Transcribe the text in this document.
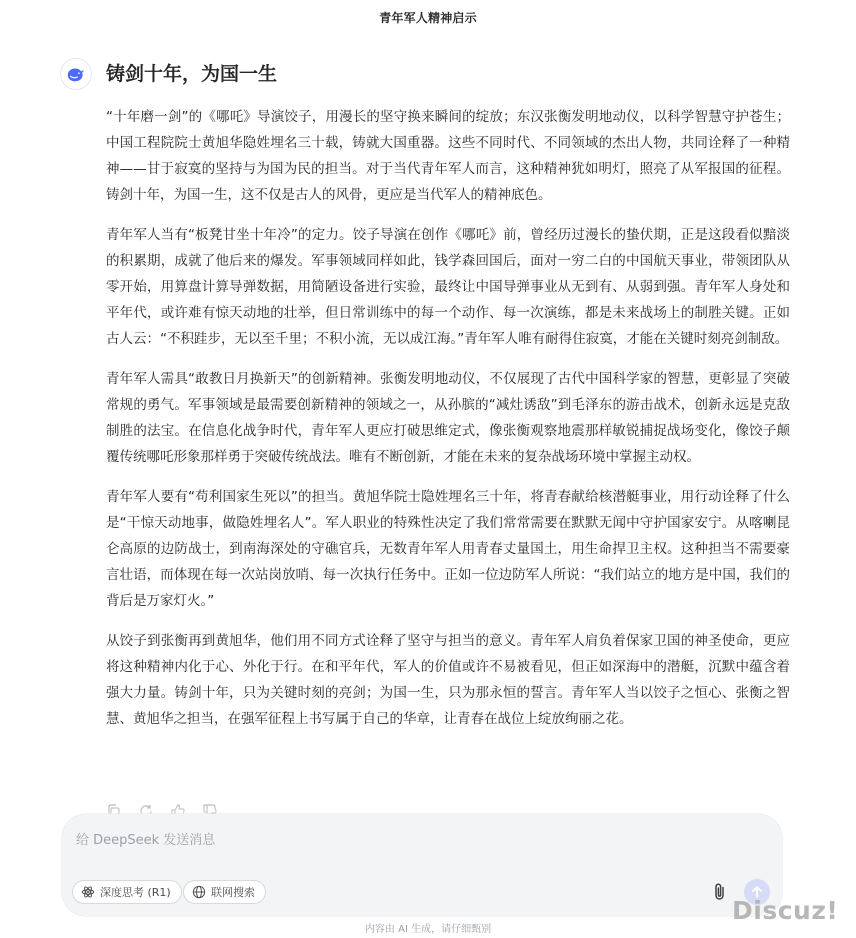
青年军人精神启示
铸剑十年，为国一生

“十年磨一剑”的《哪吒》导演饺子，用漫长的坚守换来瞬间的绽放；东汉张衡发明地动仪，以科学智慧守护苍生；中国工程院院士黄旭华隐姓埋名三十载，铸就大国重器。这些不同时代、不同领域的杰出人物，共同诠释了一种精神——甘于寂寞的坚持与为国为民的担当。对于当代青年军人而言，这种精神犹如明灯，照亮了从军报国的征程。铸剑十年，为国一生，这不仅是古人的风骨，更应是当代军人的精神底色。

青年军人当有“板凳甘坐十年冷”的定力。饺子导演在创作《哪吒》前，曾经历过漫长的蛰伏期，正是这段看似黯淡的积累期，成就了他后来的爆发。军事领域同样如此，钱学森回国后，面对一穷二白的中国航天事业，带领团队从零开始，用算盘计算导弹数据，用简陋设备进行实验，最终让中国导弹事业从无到有、从弱到强。青年军人身处和平年代，或许难有惊天动地的壮举，但日常训练中的每一个动作、每一次演练，都是未来战场上的制胜关键。正如古人云：“不积跬步，无以至千里；不积小流，无以成江海。”青年军人唯有耐得住寂寞，才能在关键时刻亮剑制敌。

青年军人需具“敢教日月换新天”的创新精神。张衡发明地动仪，不仅展现了古代中国科学家的智慧，更彰显了突破常规的勇气。军事领域是最需要创新精神的领域之一，从孙膑的“减灶诱敌”到毛泽东的游击战术，创新永远是克敌制胜的法宝。在信息化战争时代，青年军人更应打破思维定式，像张衡观察地震那样敏锐捕捉战场变化，像饺子颠覆传统哪吒形象那样勇于突破传统战法。唯有不断创新，才能在未来的复杂战场环境中掌握主动权。

青年军人要有“苟利国家生死以”的担当。黄旭华院士隐姓埋名三十年，将青春献给核潜艇事业，用行动诠释了什么是“干惊天动地事，做隐姓埋名人”。军人职业的特殊性决定了我们常常需要在默默无闻中守护国家安宁。从喀喇昆仑高原的边防战士，到南海深处的守礁官兵，无数青年军人用青春丈量国土，用生命捍卫主权。这种担当不需要豪言壮语，而体现在每一次站岗放哨、每一次执行任务中。正如一位边防军人所说：“我们站立的地方是中国，我们的背后是万家灯火。”

从饺子到张衡再到黄旭华，他们用不同方式诠释了坚守与担当的意义。青年军人肩负着保家卫国的神圣使命，更应将这种精神内化于心、外化于行。在和平年代，军人的价值或许不易被看见，但正如深海中的潜艇，沉默中蕴含着强大力量。铸剑十年，只为关键时刻的亮剑；为国一生，只为那永恒的誓言。青年军人当以饺子之恒心、张衡之智慧、黄旭华之担当，在强军征程上书写属于自己的华章，让青春在战位上绽放绚丽之花。

给 DeepSeek 发送消息
深度思考 (R1)	联网搜索
内容由 AI 生成，请仔细甄别
Discuz!
